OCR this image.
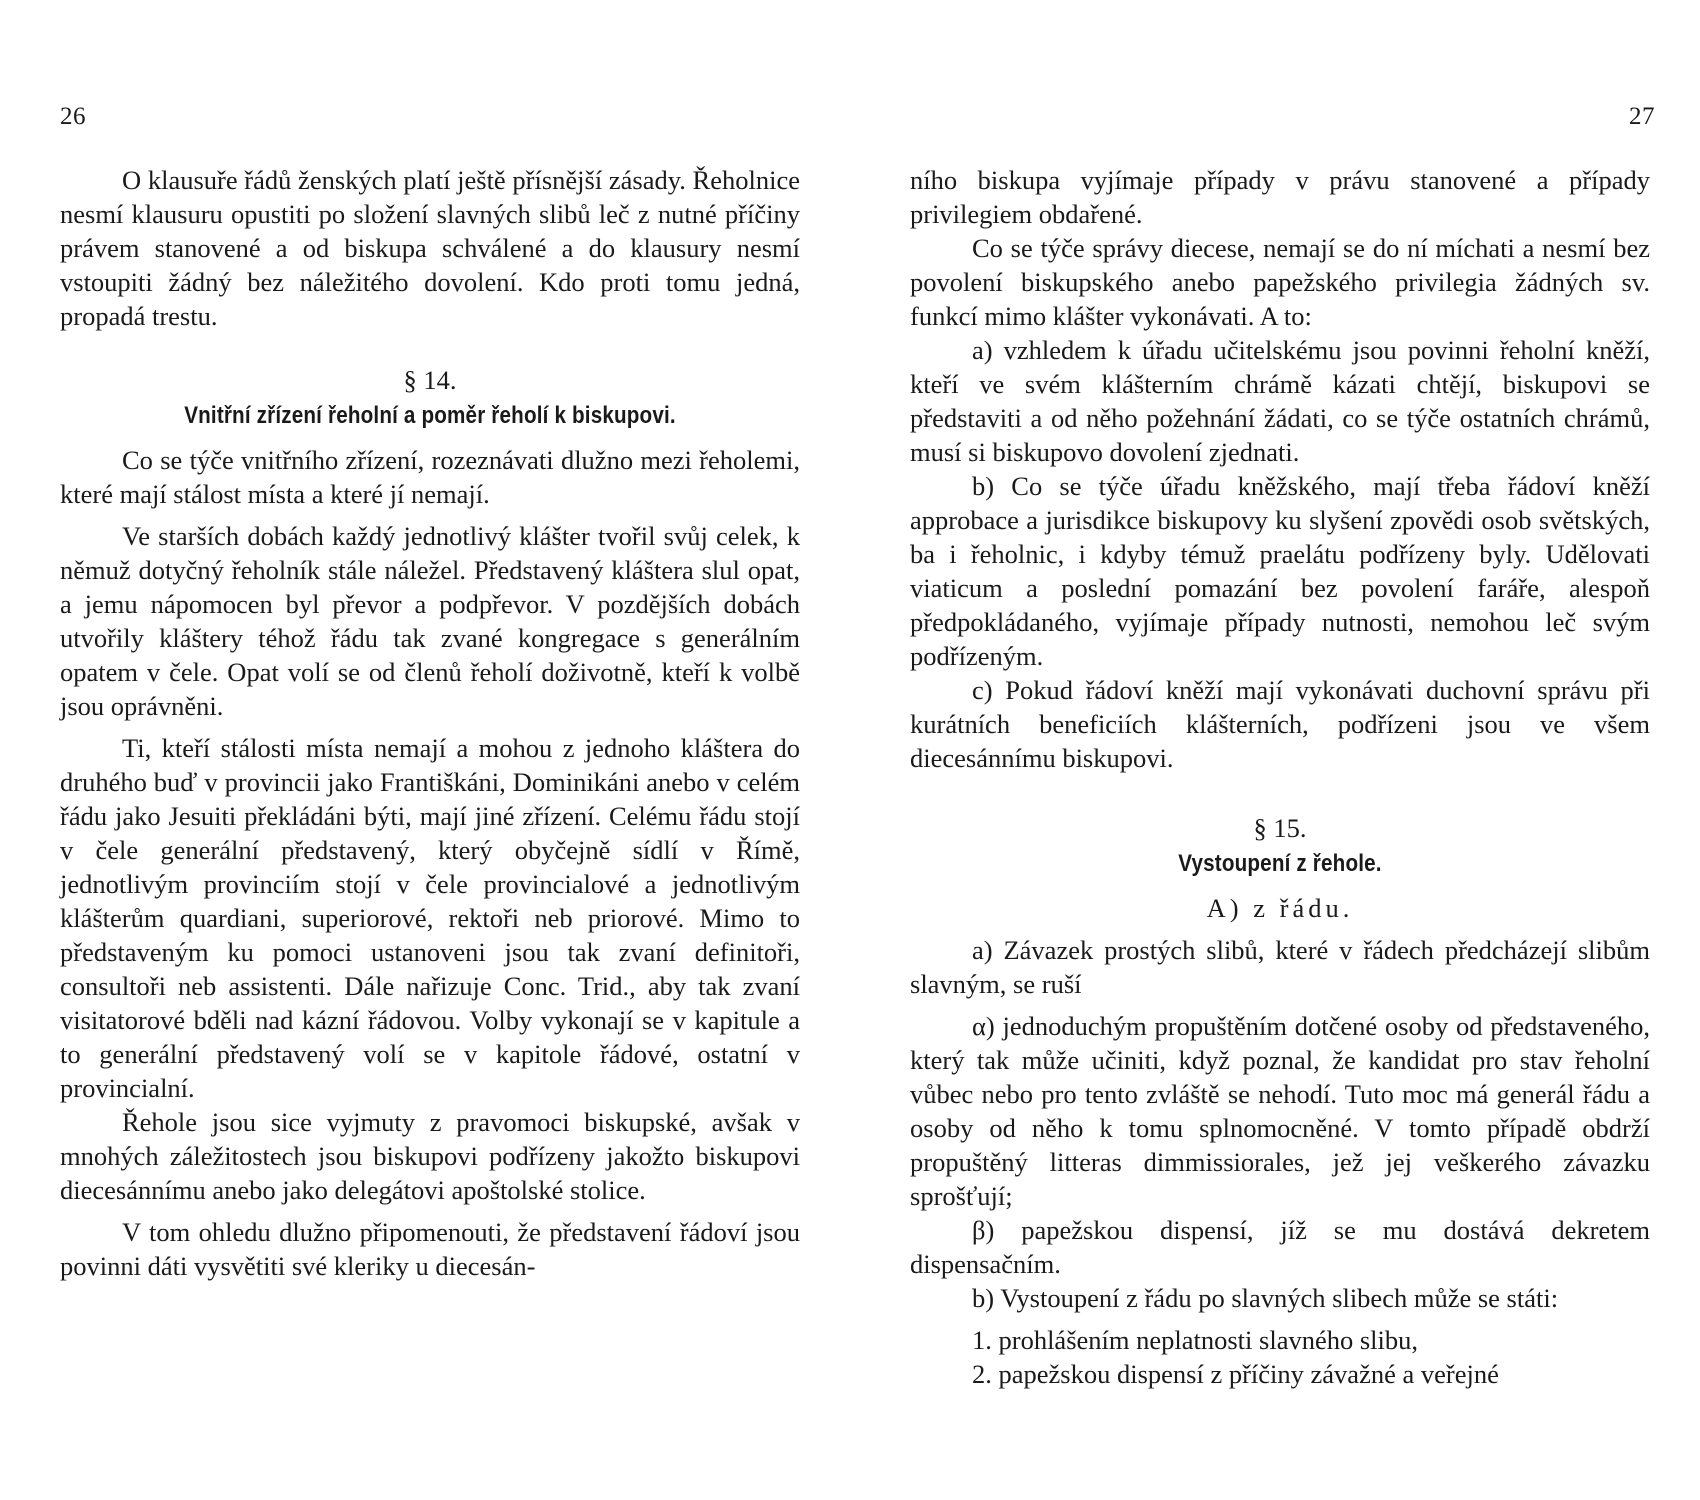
26

O klausuře řádů ženských platí ještě přísnější zásady. Řeholnice nesmí klausuru opustiti po složení slavných slibů leč z nutné příčiny právem stanovené a od biskupa schválené a do klausury nesmí vstoupiti žádný bez náležitého dovolení. Kdo proti tomu jedná, propadá trestu.

§ 14.
Vnitřní zřízení řeholní a poměr řeholí k biskupovi.

Co se týče vnitřního zřízení, rozeznávati dlužno mezi řeholemi, které mají stálost místa a které jí nemají.

Ve starších dobách každý jednotlivý klášter tvořil svůj celek, k němuž dotyčný řeholník stále náležel. Představený kláštera slul opat, a jemu nápomocen byl převor a podpřevor. V pozdějších dobách utvořily kláštery téhož řádu tak zvané kongregace s generálním opatem v čele. Opat volí se od členů řeholí doživotně, kteří k volbě jsou oprávněni.

Ti, kteří stálosti místa nemají a mohou z jednoho kláštera do druhého buď v provincii jako Františkáni, Dominikáni anebo v celém řádu jako Jesuiti překládáni býti, mají jiné zřízení. Celému řádu stojí v čele generální představený, který obyčejně sídlí v Římě, jednotlivým provinciím stojí v čele provincialové a jednotlivým klášterům quardiani, superiorové, rektoři neb priorové. Mimo to představeným ku pomoci ustanoveni jsou tak zvaní definitoři, consultoři neb assistenti. Dále nařizuje Conc. Trid., aby tak zvaní visitatorové bděli nad kázní řádovou. Volby vykonají se v kapitule a to generální představený volí se v kapitole řádové, ostatní v provincialní.

Řehole jsou sice vyjmuty z pravomoci biskupské, avšak v mnohých záležitostech jsou biskupovi podřízeny jakožto biskupovi diecesánnímu anebo jako delegátovi apoštolské stolice.

V tom ohledu dlužno připomenouti, že představení řádoví jsou povinni dáti vysvětiti své kleriky u diecesán-

27

ního biskupa vyjímaje případy v právu stanovené a případy privilegiem obdařené.

Co se týče správy diecese, nemají se do ní míchati a nesmí bez povolení biskupského anebo papežského privilegia žádných sv. funkcí mimo klášter vykonávati. A to:

a) vzhledem k úřadu učitelskému jsou povinni řeholní kněží, kteří ve svém klášterním chrámě kázati chtějí, biskupovi se představiti a od něho požehnání žádati, co se týče ostatních chrámů, musí si biskupovo dovolení zjednati.

b) Co se týče úřadu kněžského, mají třeba řádoví kněží approbace a jurisdikce biskupovy ku slyšení zpovědi osob světských, ba i řeholnic, i kdyby témuž praelátu podřízeny byly. Udělovati viaticum a poslední pomazání bez povolení faráře, alespoň předpokládaného, vyjímaje případy nutnosti, nemohou leč svým podřízeným.

c) Pokud řádoví kněží mají vykonávati duchovní správu při kurátních beneficiích klášterních, podřízeni jsou ve všem diecesánnímu biskupovi.

§ 15.
Vystoupení z řehole.
A) z řádu.

a) Závazek prostých slibů, které v řádech předcházejí slibům slavným, se ruší

α) jednoduchým propuštěním dotčené osoby od představeného, který tak může učiniti, když poznal, že kandidat pro stav řeholní vůbec nebo pro tento zvláště se nehodí. Tuto moc má generál řádu a osoby od něho k tomu splnomocněné. V tomto případě obdrží propuštěný litteras dimmissiorales, jež jej veškerého závazku sprošťují;

β) papežskou dispensí, jíž se mu dostává dekretem dispensačním.

b) Vystoupení z řádu po slavných slibech může se státi:

1. prohlášením neplatnosti slavného slibu,

2. papežskou dispensí z příčiny závažné a veřejné
